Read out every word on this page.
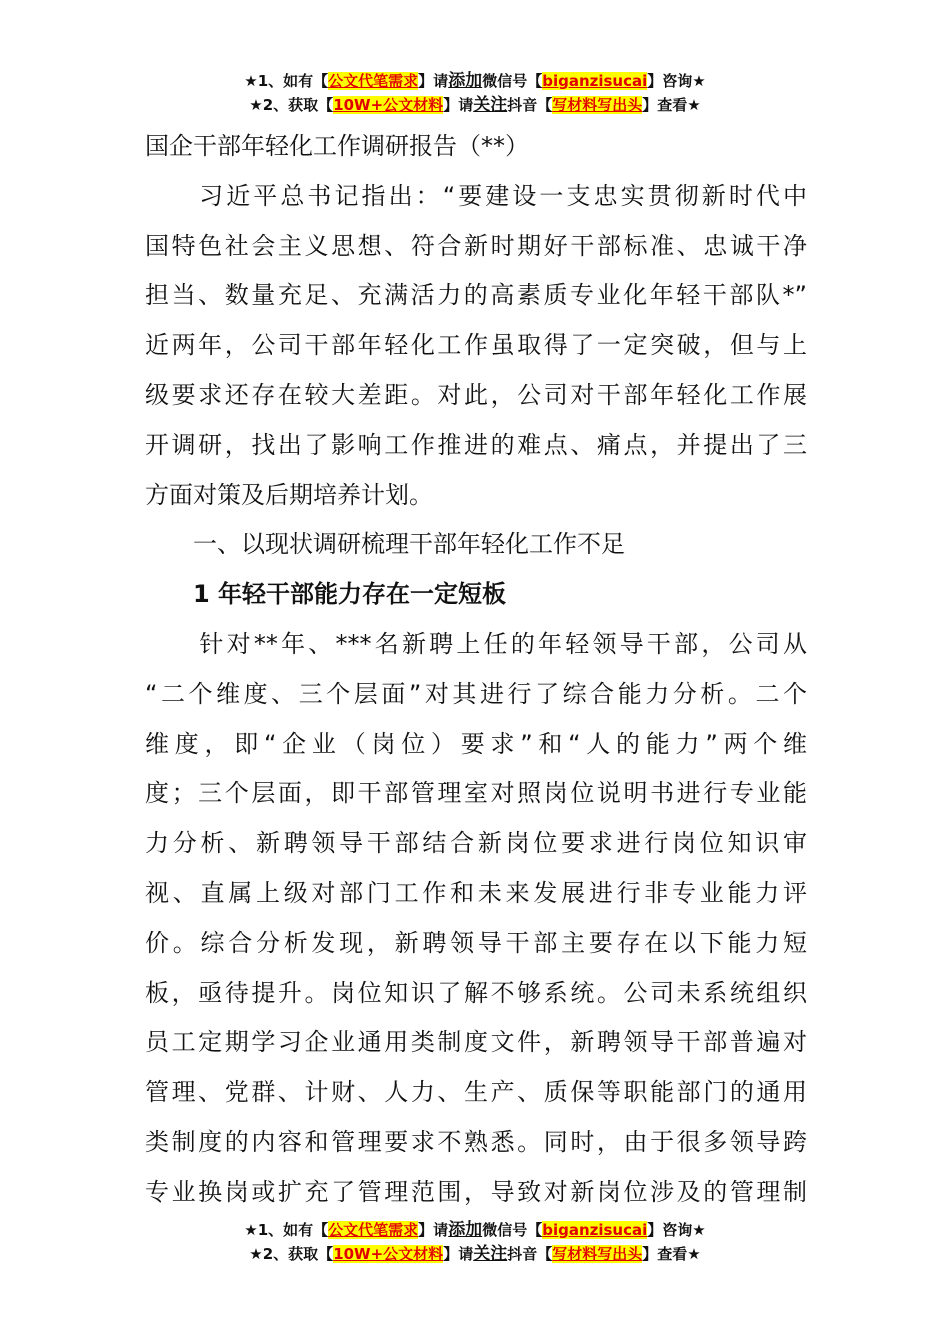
★1、如有【公文代笔需求】请添加微信号【biganzisucai】咨询★
★2、获取【10W+公文材料】请关注抖音【写材料写出头】查看★
国企干部年轻化工作调研报告（**）
　　习近平总书记指出：“要建设一支忠实贯彻新时代中
国特色社会主义思想、符合新时期好干部标准、忠诚干净
担当、数量充足、充满活力的高素质专业化年轻干部队*”
近两年，公司干部年轻化工作虽取得了一定突破，但与上
级要求还存在较大差距。对此，公司对干部年轻化工作展
开调研，找出了影响工作推进的难点、痛点，并提出了三
方面对策及后期培养计划。
　　一、以现状调研梳理干部年轻化工作不足
　　1 年轻干部能力存在一定短板
　　针对**年、***名新聘上任的年轻领导干部，公司从
“二个维度、三个层面”对其进行了综合能力分析。二个
维度，即“企业（岗位）要求”和“人的能力”两个维
度；三个层面，即干部管理室对照岗位说明书进行专业能
力分析、新聘领导干部结合新岗位要求进行岗位知识审
视、直属上级对部门工作和未来发展进行非专业能力评
价。综合分析发现，新聘领导干部主要存在以下能力短
板，亟待提升。岗位知识了解不够系统。公司未系统组织
员工定期学习企业通用类制度文件，新聘领导干部普遍对
管理、党群、计财、人力、生产、质保等职能部门的通用
类制度的内容和管理要求不熟悉。同时，由于很多领导跨
专业换岗或扩充了管理范围，导致对新岗位涉及的管理制
★1、如有【公文代笔需求】请添加微信号【biganzisucai】咨询★
★2、获取【10W+公文材料】请关注抖音【写材料写出头】查看★
